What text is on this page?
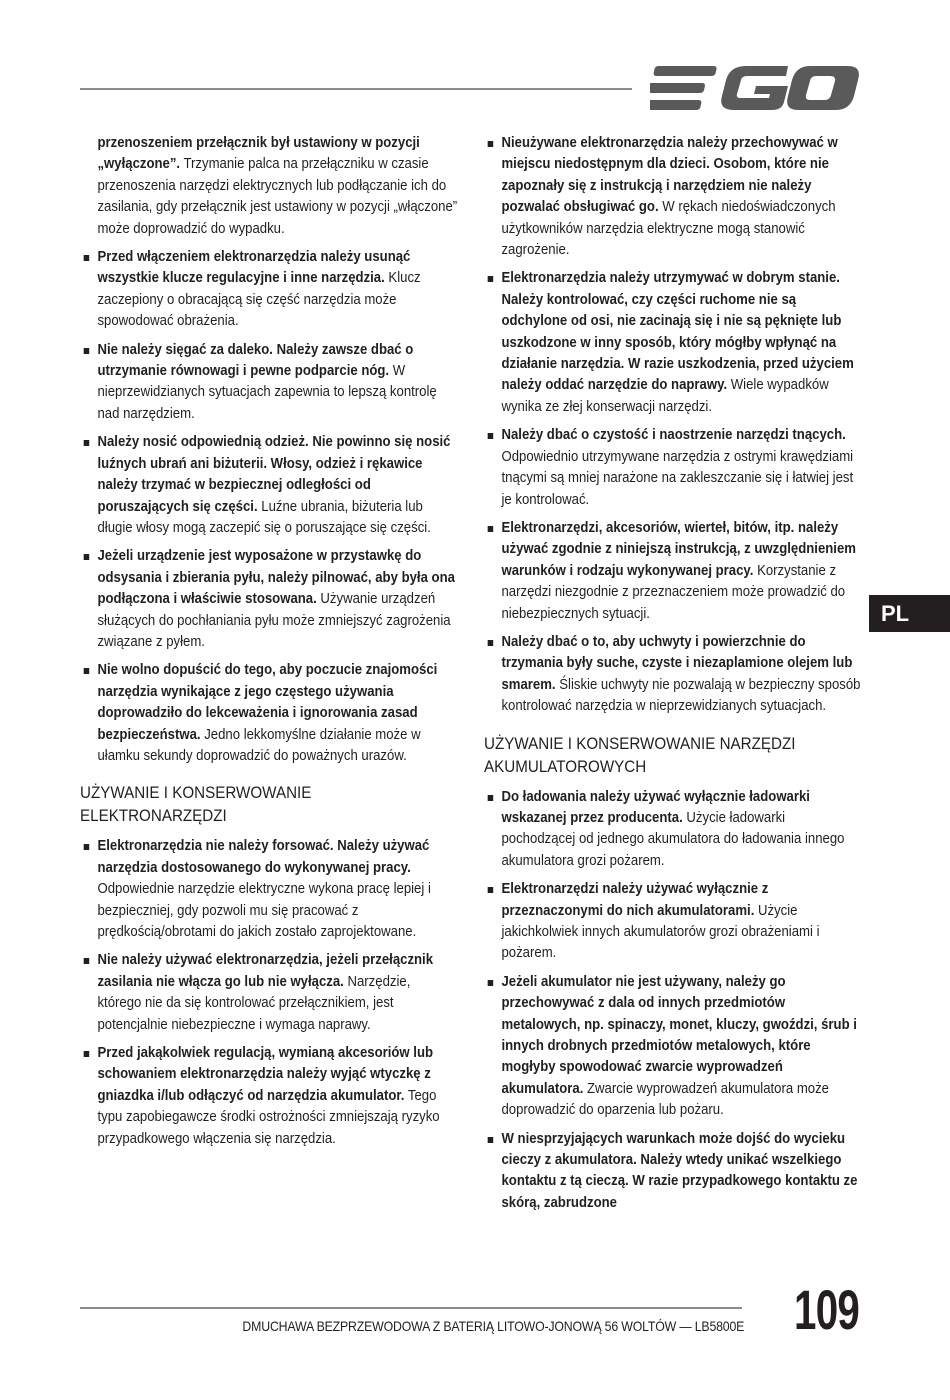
przenoszeniem przełącznik był ustawiony w pozycji „wyłączone”. Trzymanie palca na przełączniku w czasie przenoszenia narzędzi elektrycznych lub podłączanie ich do zasilania, gdy przełącznik jest ustawiony w pozycji „włączone” może doprowadzić do wypadku.

Przed włączeniem elektronarzędzia należy usunąć wszystkie klucze regulacyjne i inne narzędzia. Klucz zaczepiony o obracającą się część narzędzia może spowodować obrażenia.
Nie należy sięgać za daleko. Należy zawsze dbać o utrzymanie równowagi i pewne podparcie nóg. W nieprzewidzianych sytuacjach zapewnia to lepszą kontrolę nad narzędziem.
Należy nosić odpowiednią odzież. Nie powinno się nosić luźnych ubrań ani biżuterii. Włosy, odzież i rękawice należy trzymać w bezpiecznej odległości od poruszających się części. Luźne ubrania, biżuteria lub długie włosy mogą zaczepić się o poruszające się części.
Jeżeli urządzenie jest wyposażone w przystawkę do odsysania i zbierania pyłu, należy pilnować, aby była ona podłączona i właściwie stosowana. Używanie urządzeń służących do pochłaniania pyłu może zmniejszyć zagrożenia związane z pyłem.
Nie wolno dopuścić do tego, aby poczucie znajomości narzędzia wynikające z jego częstego używania doprowadziło do lekceważenia i ignorowania zasad bezpieczeństwa. Jedno lekkomyślne działanie może w ułamku sekundy doprowadzić do poważnych urazów.
UŻYWANIE I KONSERWOWANIE ELEKTRONARZĘDZI
Elektronarzędzia nie należy forsować. Należy używać narzędzia dostosowanego do wykonywanej pracy. Odpowiednie narzędzie elektryczne wykona pracę lepiej i bezpieczniej, gdy pozwoli mu się pracować z prędkością/obrotami do jakich zostało zaprojektowane.
Nie należy używać elektronarzędzia, jeżeli przełącznik zasilania nie włącza go lub nie wyłącza. Narzędzie, którego nie da się kontrolować przełącznikiem, jest potencjalnie niebezpieczne i wymaga naprawy.
Przed jakąkolwiek regulacją, wymianą akcesoriów lub schowaniem elektronarzędzia należy wyjąć wtyczkę z gniazdka i/lub odłączyć od narzędzia akumulator. Tego typu zapobiegawcze środki ostrożności zmniejszają ryzyko przypadkowego włączenia się narzędzia.
Nieużywane elektronarzędzia należy przechowywać w miejscu niedostępnym dla dzieci. Osobom, które nie zapoznały się z instrukcją i narzędziem nie należy pozwalać obsługiwać go. W rękach niedoświadczonych użytkowników narzędzia elektryczne mogą stanowić zagrożenie.
Elektronarzędzia należy utrzymywać w dobrym stanie. Należy kontrolować, czy części ruchome nie są odchylone od osi, nie zacinają się i nie są pęknięte lub uszkodzone w inny sposób, który mógłby wpłynąć na działanie narzędzia. W razie uszkodzenia, przed użyciem należy oddać narzędzie do naprawy. Wiele wypadków wynika ze złej konserwacji narzędzi.
Należy dbać o czystość i naostrzenie narzędzi tnących. Odpowiednio utrzymywane narzędzia z ostrymi krawędziami tnącymi są mniej narażone na zakleszczanie się i łatwiej jest je kontrolować.
Elektronarzędzi, akcesoriów, wierteł, bitów, itp. należy używać zgodnie z niniejszą instrukcją, z uwzględnieniem warunków i rodzaju wykonywanej pracy. Korzystanie z narzędzi niezgodnie z przeznaczeniem może prowadzić do niebezpiecznych sytuacji.
Należy dbać o to, aby uchwyty i powierzchnie do trzymania były suche, czyste i niezaplamione olejem lub smarem. Śliskie uchwyty nie pozwalają w bezpieczny sposób kontrolować narzędzia w nieprzewidzianych sytuacjach.
UŻYWANIE I KONSERWOWANIE NARZĘDZI AKUMULATOROWYCH
Do ładowania należy używać wyłącznie ładowarki wskazanej przez producenta. Użycie ładowarki pochodzącej od jednego akumulatora do ładowania innego akumulatora grozi pożarem.
Elektronarzędzi należy używać wyłącznie z przeznaczonymi do nich akumulatorami. Użycie jakichkolwiek innych akumulatorów grozi obrażeniami i pożarem.
Jeżeli akumulator nie jest używany, należy go przechowywać z dala od innych przedmiotów metalowych, np. spinaczy, monet, kluczy, gwoździ, śrub i innych drobnych przedmiotów metalowych, które mogłyby spowodować zwarcie wyprowadzeń akumulatora. Zwarcie wyprowadzeń akumulatora może doprowadzić do oparzenia lub pożaru.
W niesprzyjających warunkach może dojść do wycieku cieczy z akumulatora. Należy wtedy unikać wszelkiego kontaktu z tą cieczą. W razie przypadkowego kontaktu ze skórą, zabrudzone
PL
DMUCHAWA BEZPRZEWODOWA Z BATERIĄ LITOWO-JONOWĄ 56 WOLTÓW — LB5800E 109
